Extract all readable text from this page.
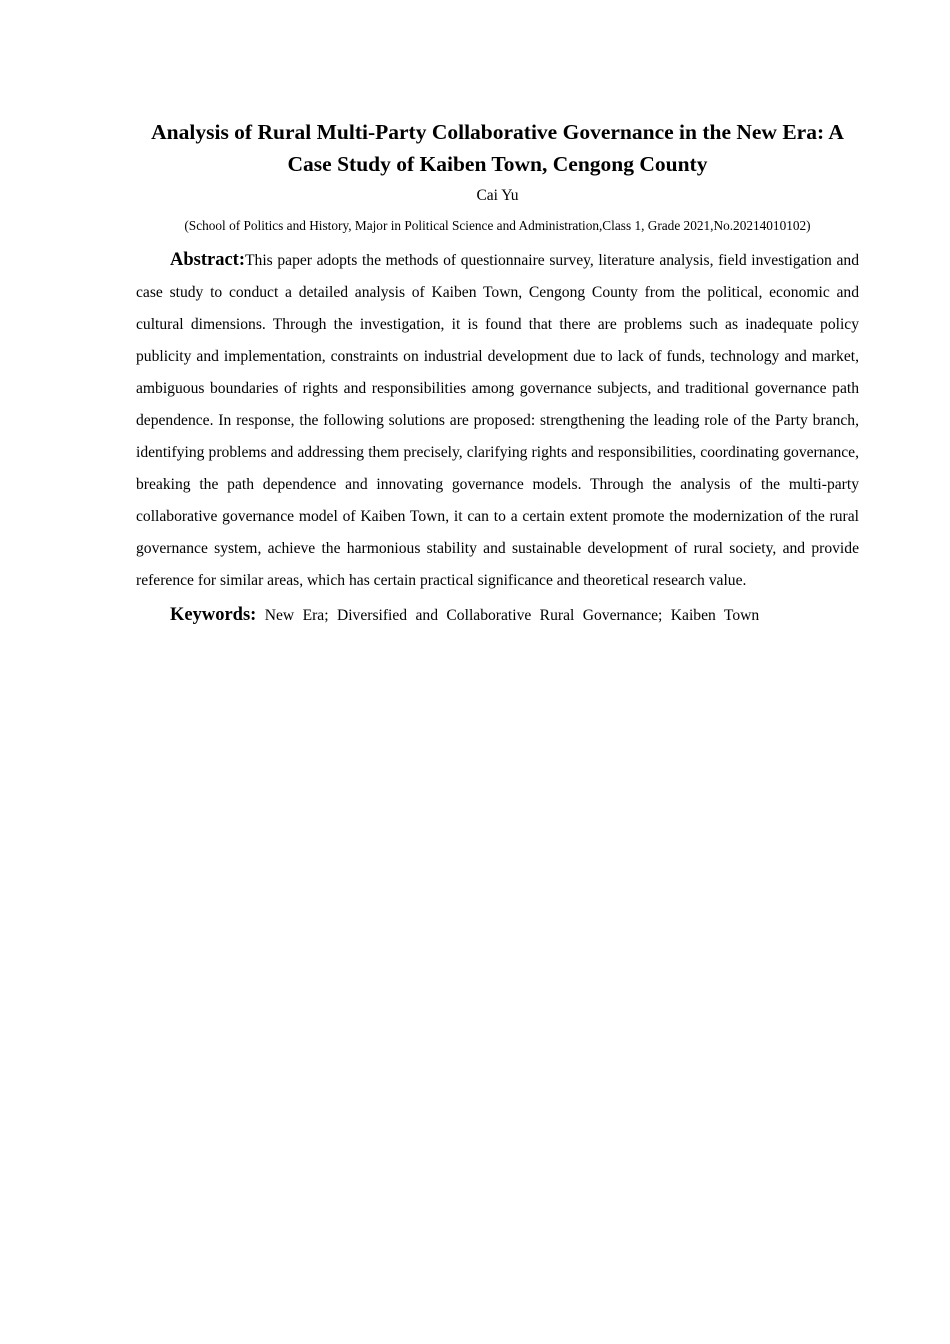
Analysis of Rural Multi-Party Collaborative Governance in the New Era: A Case Study of Kaiben Town, Cengong County

Cai Yu

(School of Politics and History, Major in Political Science and Administration,Class 1, Grade 2021,No.20214010102)

Abstract:This paper adopts the methods of questionnaire survey, literature analysis, field investigation and case study to conduct a detailed analysis of Kaiben Town, Cengong County from the political, economic and cultural dimensions. Through the investigation, it is found that there are problems such as inadequate policy publicity and implementation, constraints on industrial development due to lack of funds, technology and market, ambiguous boundaries of rights and responsibilities among governance subjects, and traditional governance path dependence. In response, the following solutions are proposed: strengthening the leading role of the Party branch, identifying problems and addressing them precisely, clarifying rights and responsibilities, coordinating governance, breaking the path dependence and innovating governance models. Through the analysis of the multi-party collaborative governance model of Kaiben Town, it can to a certain extent promote the modernization of the rural governance system, achieve the harmonious stability and sustainable development of rural society, and provide reference for similar areas, which has certain practical significance and theoretical research value.

Keywords: New Era; Diversified and Collaborative Rural Governance; Kaiben Town
